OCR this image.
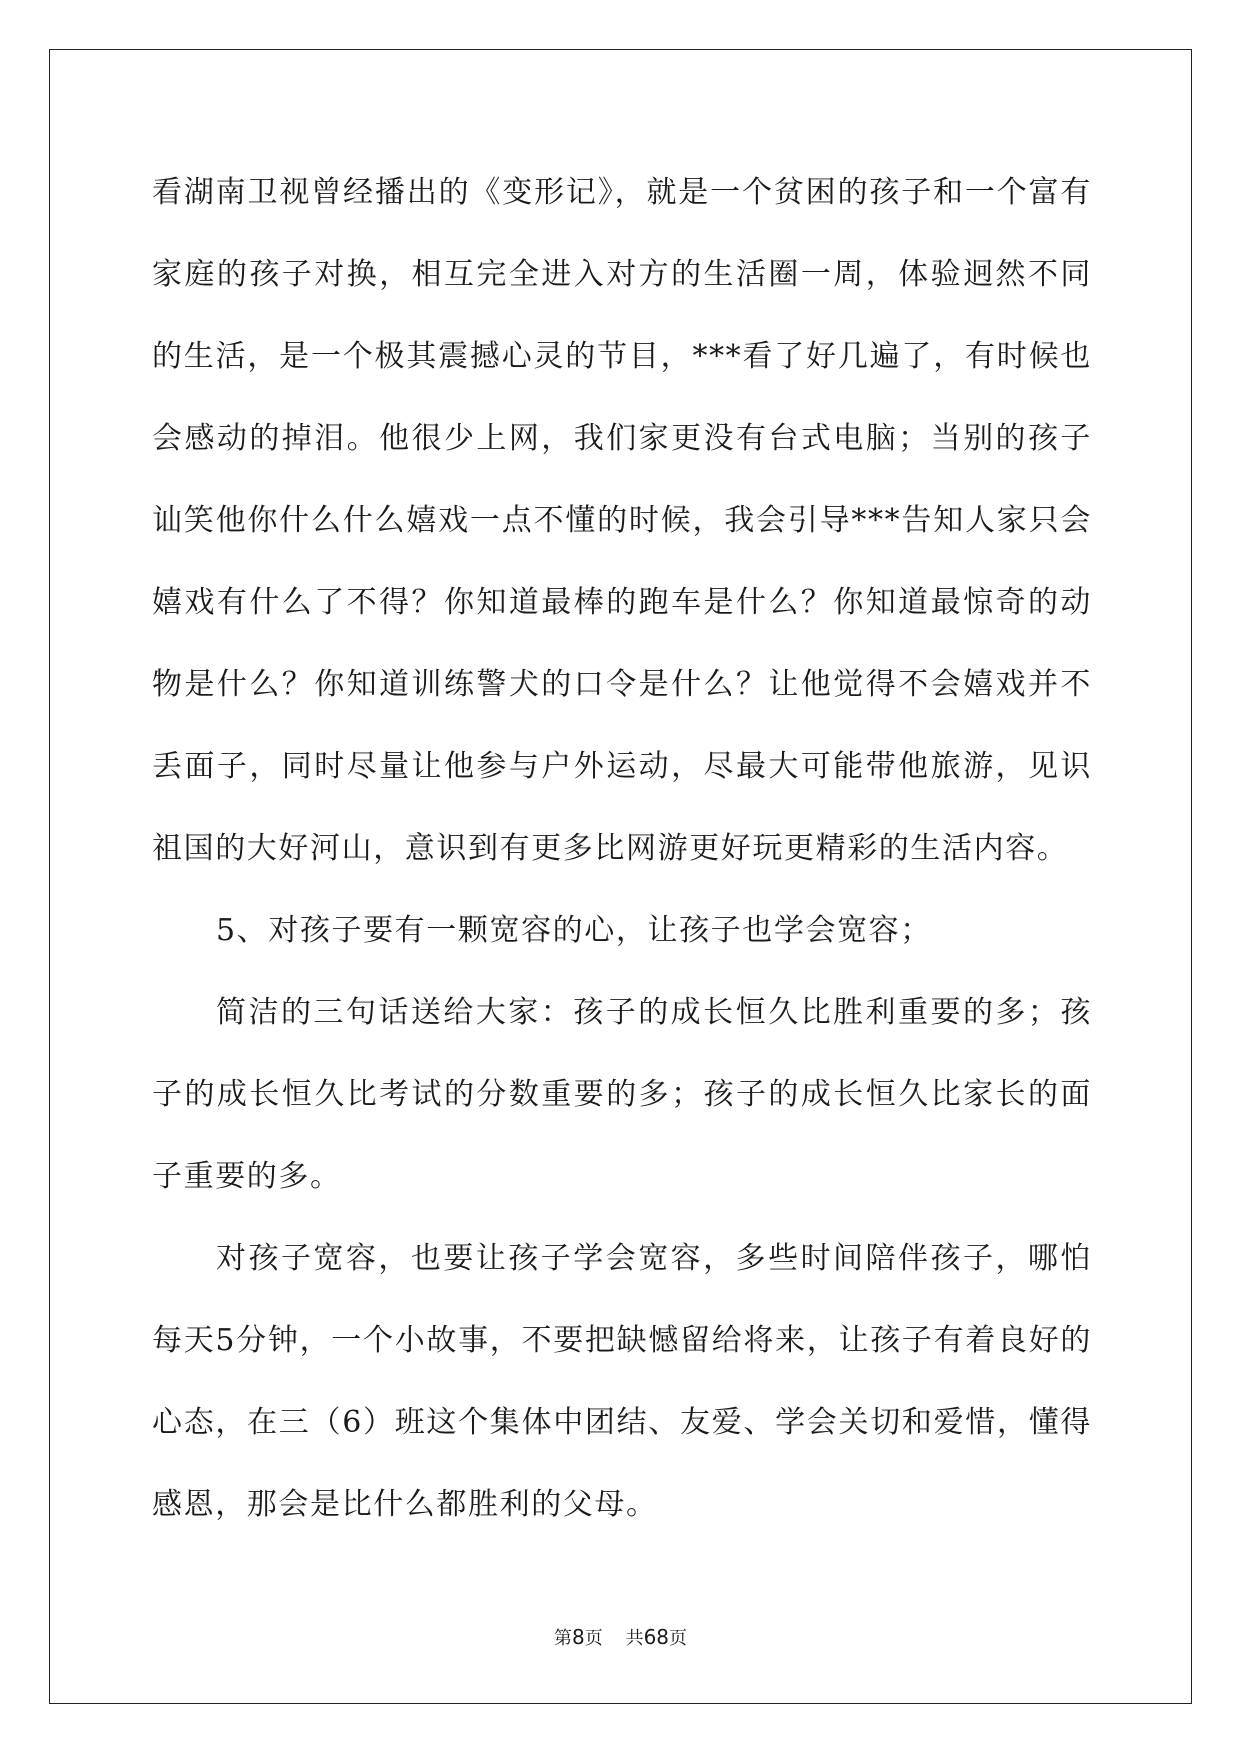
看湖南卫视曾经播出的《变形记》，就是一个贫困的孩子和一个富有家庭的孩子对换，相互完全进入对方的生活圈一周，体验迥然不同的生活，是一个极其震撼心灵的节目，***看了好几遍了，有时候也会感动的掉泪。他很少上网，我们家更没有台式电脑；当别的孩子讪笑他你什么什么嬉戏一点不懂的时候，我会引导***告知人家只会嬉戏有什么了不得？你知道最棒的跑车是什么？你知道最惊奇的动物是什么？你知道训练警犬的口令是什么？让他觉得不会嬉戏并不丢面子，同时尽量让他参与户外运动，尽最大可能带他旅游，见识祖国的大好河山，意识到有更多比网游更好玩更精彩的生活内容。

5、对孩子要有一颗宽容的心，让孩子也学会宽容；

简洁的三句话送给大家：孩子的成长恒久比胜利重要的多；孩子的成长恒久比考试的分数重要的多；孩子的成长恒久比家长的面子重要的多。

对孩子宽容，也要让孩子学会宽容，多些时间陪伴孩子，哪怕每天5分钟，一个小故事，不要把缺憾留给将来，让孩子有着良好的心态，在三（6）班这个集体中团结、友爱、学会关切和爱惜，懂得感恩，那会是比什么都胜利的父母。

第8页 共68页
